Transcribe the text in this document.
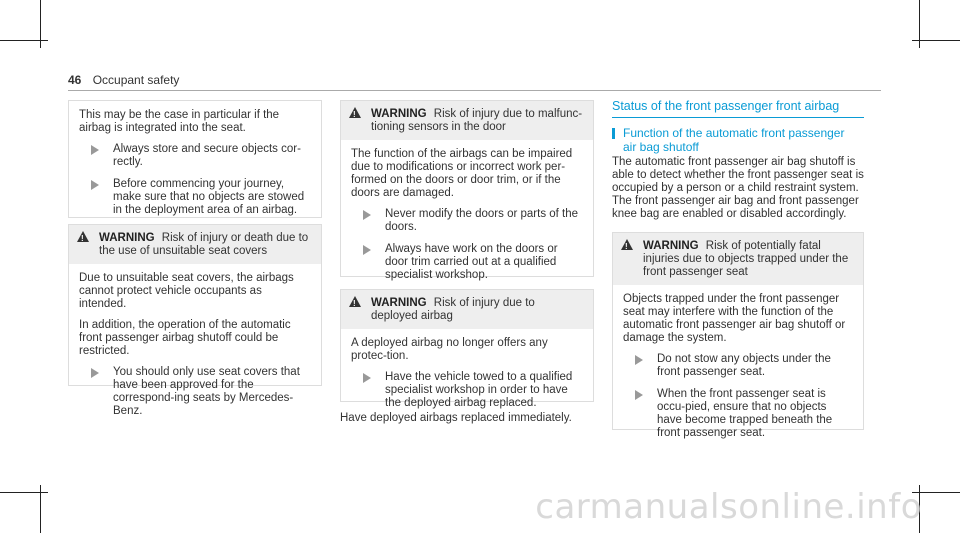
46 Occupant safety

This may be the case in particular if the airbag is integrated into the seat.

Always store and secure objects cor-rectly.
Before commencing your journey, make sure that no objects are stowed in the deployment area of an airbag.
!
WARNING Risk of injury or death due to the use of unsuitable seat covers

Due to unsuitable seat covers, the airbags cannot protect vehicle occupants as intended.

In addition, the operation of the automatic front passenger airbag shutoff could be restricted.

You should only use seat covers that have been approved for the correspond-ing seats by Mercedes-Benz.
!
WARNING Risk of injury due to malfunc-tioning sensors in the door

The function of the airbags can be impaired due to modifications or incorrect work per-formed on the doors or door trim, or if the doors are damaged.

Never modify the doors or parts of the doors.
Always have work on the doors or door trim carried out at a qualified specialist workshop.
!
WARNING Risk of injury due to deployed airbag

A deployed airbag no longer offers any protec-tion.

Have the vehicle towed to a qualified specialist workshop in order to have the deployed airbag replaced.
Have deployed airbags replaced immediately.
Status of the front passenger front airbag
Function of the automatic front passenger air bag shutoff
The automatic front passenger air bag shutoff is able to detect whether the front passenger seat is occupied by a person or a child restraint system. The front passenger air bag and front passenger knee bag are enabled or disabled accordingly.
!
WARNING Risk of potentially fatal injuries due to objects trapped under the front passenger seat

Objects trapped under the front passenger seat may interfere with the function of the automatic front passenger air bag shutoff or damage the system.

Do not stow any objects under the front passenger seat.
When the front passenger seat is occu-pied, ensure that no objects have become trapped beneath the front passenger seat.
carmanualsonline.info
